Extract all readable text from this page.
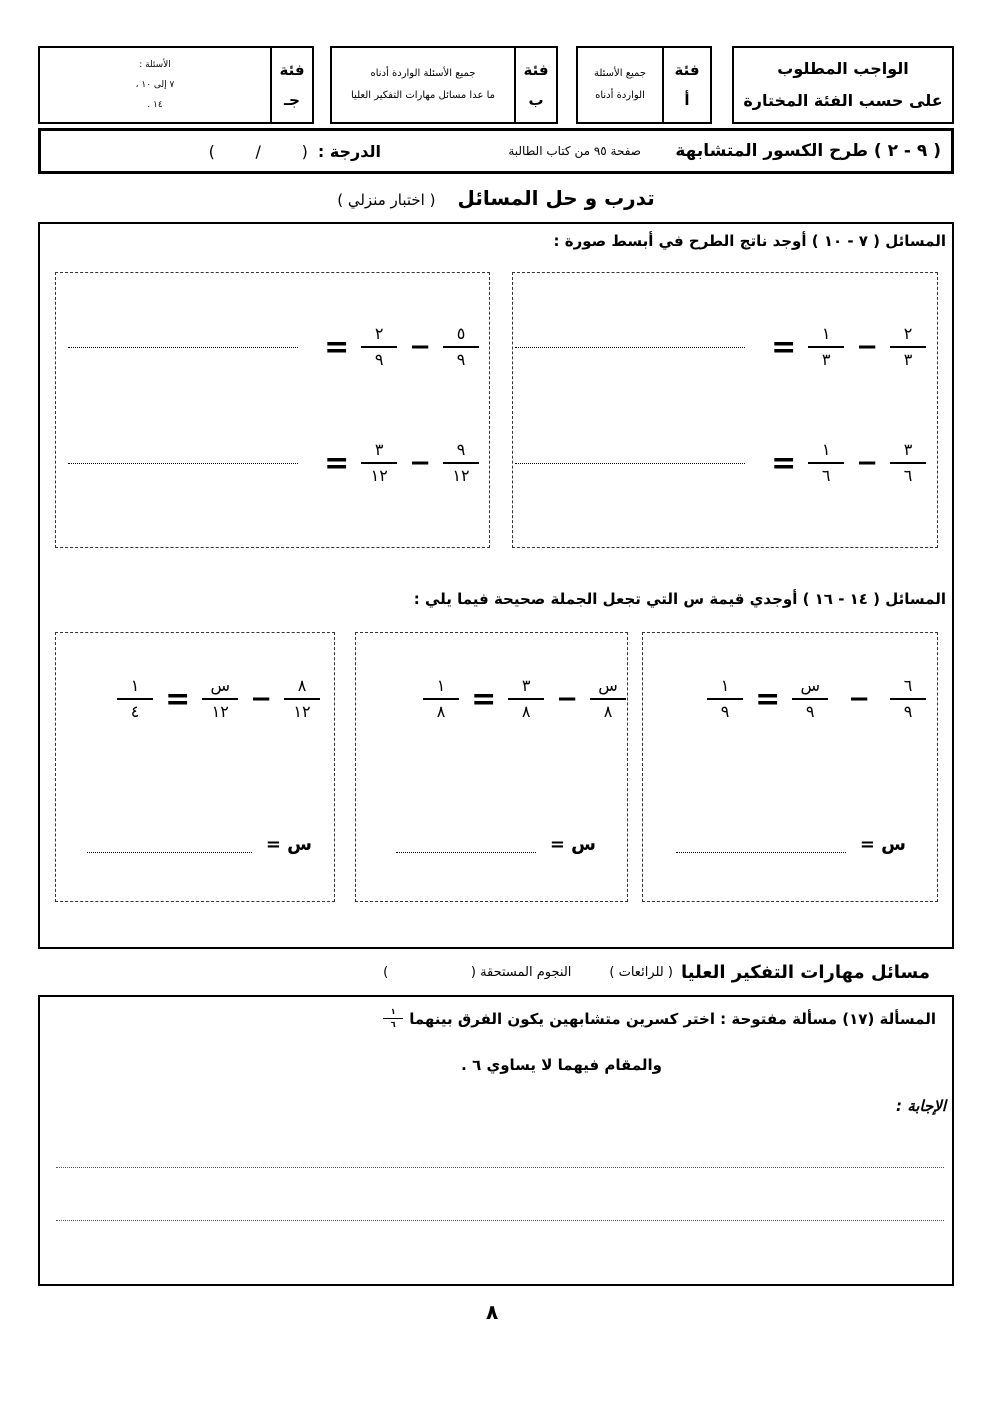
الواجب المطلوب
على حسب الفئة المختارة
فئة
أ
جميع الأسئلة
الواردة أدناه
فئة
ب
جميع الأسئلة الواردة أدناه
ما عدا مسائل مهارات التفكير العليا
فئة
جـ
الأسئلة :
٧ إلى ١٠ ،
١٤ .
( ٩ - ٢ ) طرح الكسور المتشابهة
صفحة ٩٥ من كتاب الطالبة
الدرجة :
(        /        )
تدرب و حل المسائل ( اختبار منزلي )
المسائل ( ٧ - ١٠ ) أوجد ناتج الطرح في أبسط صورة :
$\frac{٢}{٣}$
−
$\frac{١}{٣}$
=
$\frac{٣}{٦}$
−
$\frac{١}{٦}$
=
$\frac{٥}{٩}$
−
$\frac{٢}{٩}$
=
$\frac{٩}{١٢}$
−
$\frac{٣}{١٢}$
=
المسائل ( ١٤ - ١٦ ) أوجدي قيمة س التي تجعل الجملة صحيحة فيما يلي :
$\frac{٦}{٩}$
−
$\frac{\text{س}}{٩}$
=
$\frac{١}{٩}$
$\frac{\text{س}}{٨}$
−
$\frac{٣}{٨}$
=
$\frac{١}{٨}$
$\frac{٨}{١٢}$
−
$\frac{\text{س}}{١٢}$
=
$\frac{١}{٤}$
س =
س =
س =
مسائل مهارات التفكير العليا
( للرائعات )
النجوم المستحقة (                    )
المسألة (١٧) مسألة مفتوحة : اختر كسرين متشابهين يكون الفرق بينهما
$\frac{١}{٦}$
والمقام فيهما لا يساوي ٦ .
الإجابة :
٨
